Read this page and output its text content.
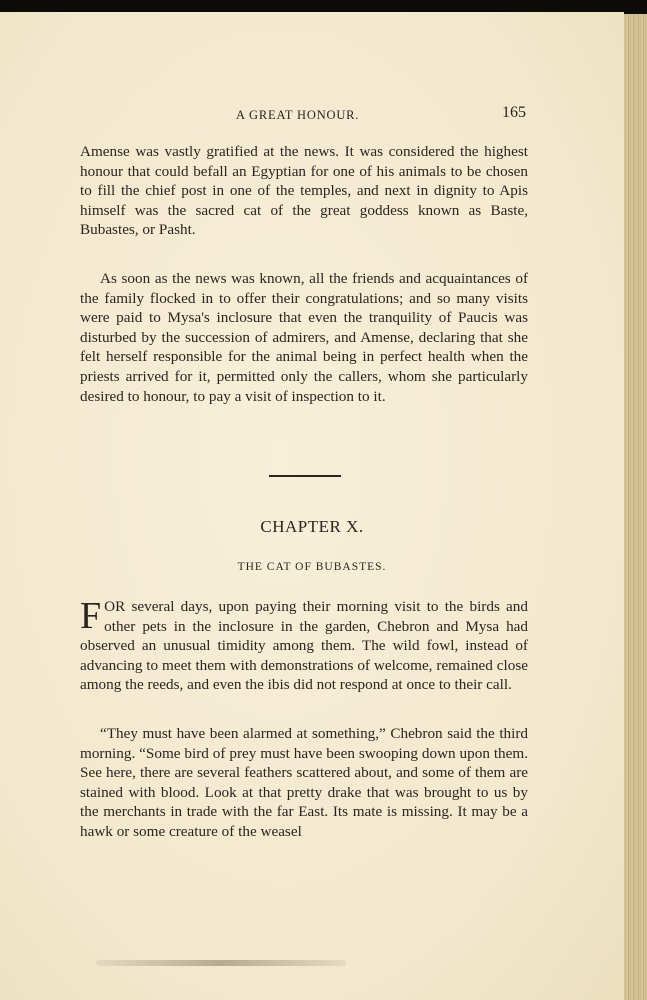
A GREAT HONOUR.	165

Amense was vastly gratified at the news. It was considered the highest honour that could befall an Egyptian for one of his animals to be chosen to fill the chief post in one of the temples, and next in dignity to Apis himself was the sacred cat of the great goddess known as Baste, Bubastes, or Pasht.

As soon as the news was known, all the friends and acquaintances of the family flocked in to offer their congratulations; and so many visits were paid to Mysa's inclosure that even the tranquility of Paucis was disturbed by the succession of admirers, and Amense, declaring that she felt herself responsible for the animal being in perfect health when the priests arrived for it, permitted only the callers, whom she particularly desired to honour, to pay a visit of inspection to it.

CHAPTER X.
THE CAT OF BUBASTES.

FOR several days, upon paying their morning visit to the birds and other pets in the inclosure in the garden, Chebron and Mysa had observed an unusual timidity among them. The wild fowl, instead of advancing to meet them with demonstrations of welcome, remained close among the reeds, and even the ibis did not respond at once to their call.

“They must have been alarmed at something,” Chebron said the third morning. “Some bird of prey must have been swooping down upon them. See here, there are several feathers scattered about, and some of them are stained with blood. Look at that pretty drake that was brought to us by the merchants in trade with the far East. Its mate is missing. It may be a hawk or some creature of the weasel
